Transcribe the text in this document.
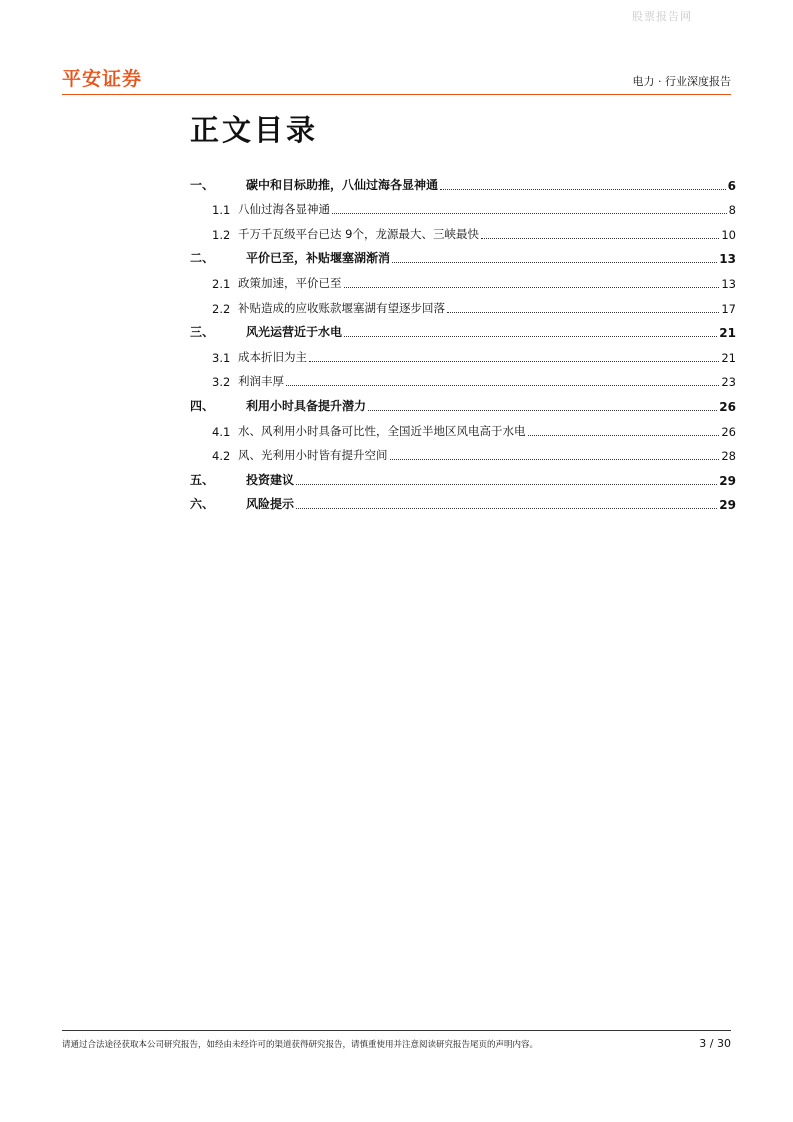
股票报告网
平安证券	电力 · 行业深度报告
正文目录
一、	碳中和目标助推，八仙过海各显神通	6
1.1 八仙过海各显神通	8
1.2 千万千瓦级平台已达 9个，龙源最大、三峡最快	10
二、	平价已至，补贴堰塞湖渐消	13
2.1 政策加速，平价已至	13
2.2 补贴造成的应收账款堰塞湖有望逐步回落	17
三、	风光运营近于水电	21
3.1 成本折旧为主	21
3.2 利润丰厚	23
四、	利用小时具备提升潜力	26
4.1 水、风利用小时具备可比性，全国近半地区风电高于水电	26
4.2 风、光利用小时皆有提升空间	28
五、	投资建议	29
六、	风险提示	29
请通过合法途径获取本公司研究报告，如经由未经许可的渠道获得研究报告，请慎重使用并注意阅读研究报告尾页的声明内容。	3 / 30
